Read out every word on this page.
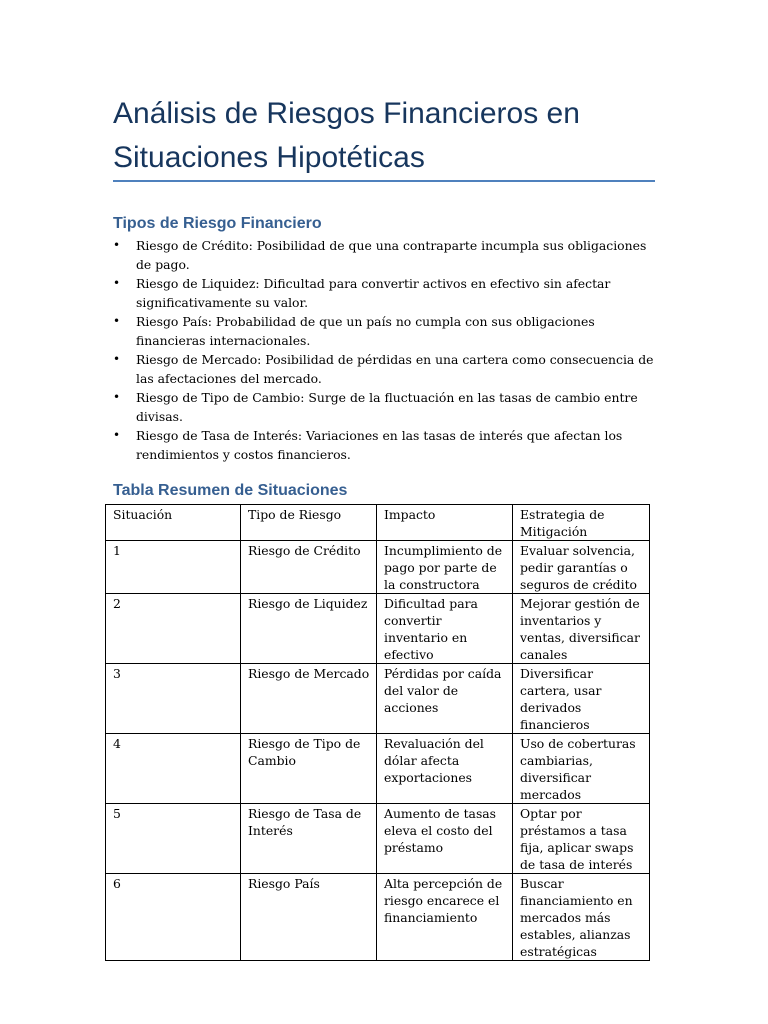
Análisis de Riesgos Financieros en Situaciones Hipotéticas
Tipos de Riesgo Financiero
•	Riesgo de Crédito: Posibilidad de que una contraparte incumpla sus obligaciones de pago.
•	Riesgo de Liquidez: Dificultad para convertir activos en efectivo sin afectar significativamente su valor.
•	Riesgo País: Probabilidad de que un país no cumpla con sus obligaciones financieras internacionales.
•	Riesgo de Mercado: Posibilidad de pérdidas en una cartera como consecuencia de las afectaciones del mercado.
•	Riesgo de Tipo de Cambio: Surge de la fluctuación en las tasas de cambio entre divisas.
•	Riesgo de Tasa de Interés: Variaciones en las tasas de interés que afectan los rendimientos y costos financieros.
Tabla Resumen de Situaciones
Situación	Tipo de Riesgo	Impacto	Estrategia de Mitigación
1	Riesgo de Crédito	Incumplimiento de pago por parte de la constructora	Evaluar solvencia, pedir garantías o seguros de crédito
2	Riesgo de Liquidez	Dificultad para convertir inventario en efectivo	Mejorar gestión de inventarios y ventas, diversificar canales
3	Riesgo de Mercado	Pérdidas por caída del valor de acciones	Diversificar cartera, usar derivados financieros
4	Riesgo de Tipo de Cambio	Revaluación del dólar afecta exportaciones	Uso de coberturas cambiarias, diversificar mercados
5	Riesgo de Tasa de Interés	Aumento de tasas eleva el costo del préstamo	Optar por préstamos a tasa fija, aplicar swaps de tasa de interés
6	Riesgo País	Alta percepción de riesgo encarece el financiamiento	Buscar financiamiento en mercados más estables, alianzas estratégicas
